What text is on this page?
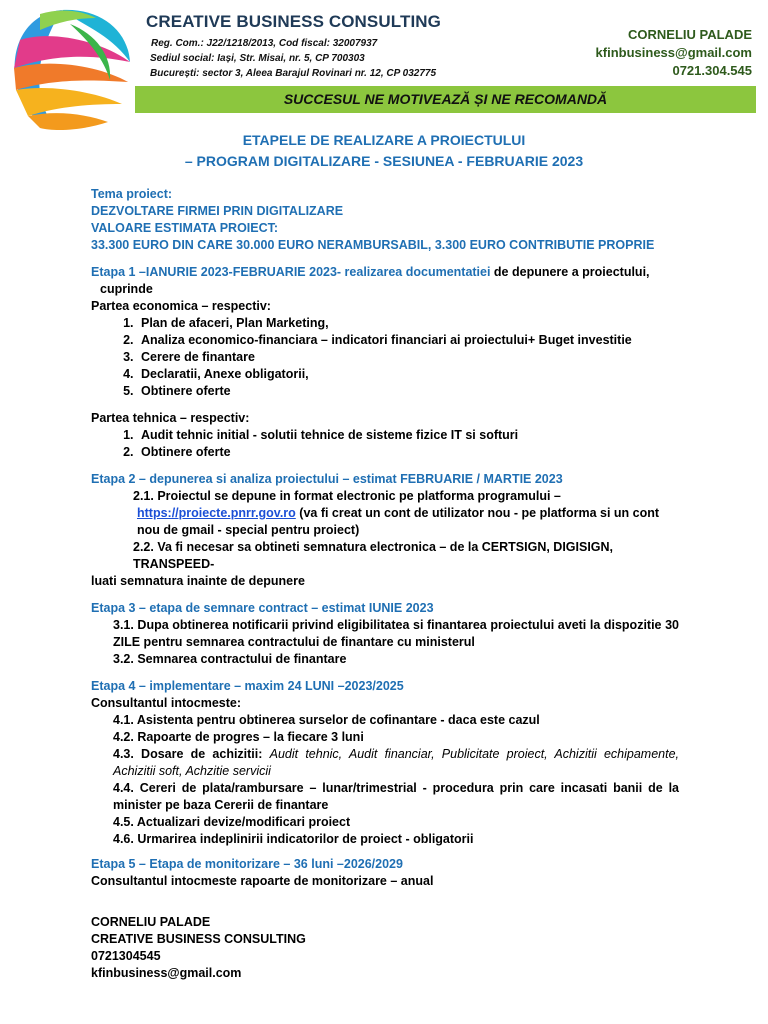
CREATIVE BUSINESS CONSULTING
Reg. Com.: J22/1218/2013, Cod fiscal: 32007937
Sediul social: Iași, Str. Misai, nr. 5, CP 700303
București: sector 3, Aleea Barajul Rovinari nr. 12, CP 032775
CORNELIU PALADE
kfinbusiness@gmail.com
0721.304.545
SUCCESUL NE MOTIVEAZĂ ȘI NE RECOMANDĂ
ETAPELE DE REALIZARE A PROIECTULUI
– PROGRAM DIGITALIZARE - SESIUNEA - FEBRUARIE 2023
Tema proiect:
DEZVOLTARE FIRMEI PRIN DIGITALIZARE
VALOARE ESTIMATA PROIECT:
33.300 EURO DIN CARE 30.000 EURO NERAMBURSABIL, 3.300 EURO CONTRIBUTIE PROPRIE
Etapa 1 –IANURIE 2023-FEBRUARIE 2023- realizarea documentatiei de depunere a proiectului,
cuprinde
Partea economica – respectiv:
1. Plan de afaceri, Plan Marketing,
2. Analiza economico-financiara – indicatori financiari ai proiectului+ Buget investitie
3. Cerere de finantare
4. Declaratii, Anexe obligatorii,
5. Obtinere oferte
Partea tehnica – respectiv:
1. Audit tehnic initial - solutii tehnice de sisteme fizice IT si softuri
2. Obtinere oferte
Etapa 2 – depunerea si analiza proiectului – estimat FEBRUARIE / MARTIE 2023
2.1. Proiectul se depune in format electronic pe platforma programului –
https://proiecte.pnrr.gov.ro (va fi creat un cont de utilizator nou - pe platforma si un cont
nou de gmail - special pentru proiect)
2.2. Va fi necesar sa obtineti semnatura electronica – de la CERTSIGN, DIGISIGN, TRANSPEED-
luati semnatura inainte de depunere
Etapa 3 – etapa de semnare contract – estimat IUNIE 2023
3.1. Dupa obtinerea notificarii privind eligibilitatea si finantarea proiectului aveti la dispozitie 30 ZILE pentru semnarea contractului de finantare cu ministerul
3.2. Semnarea contractului de finantare
Etapa 4 – implementare – maxim 24 LUNI –2023/2025
Consultantul intocmeste:
4.1. Asistenta pentru obtinerea surselor de cofinantare - daca este cazul
4.2. Rapoarte de progres – la fiecare 3 luni
4.3. Dosare de achizitii: Audit tehnic, Audit financiar, Publicitate proiect, Achizitii echipamente, Achizitii soft, Achzitie servicii
4.4. Cereri de plata/rambursare – lunar/trimestrial - procedura prin care incasati banii de la minister pe baza Cererii de finantare
4.5. Actualizari devize/modificari proiect
4.6. Urmarirea indeplinirii indicatorilor de proiect - obligatorii
Etapa 5 – Etapa de monitorizare – 36 luni –2026/2029
Consultantul intocmeste rapoarte de monitorizare – anual
CORNELIU PALADE
CREATIVE BUSINESS CONSULTING
0721304545
kfinbusiness@gmail.com
